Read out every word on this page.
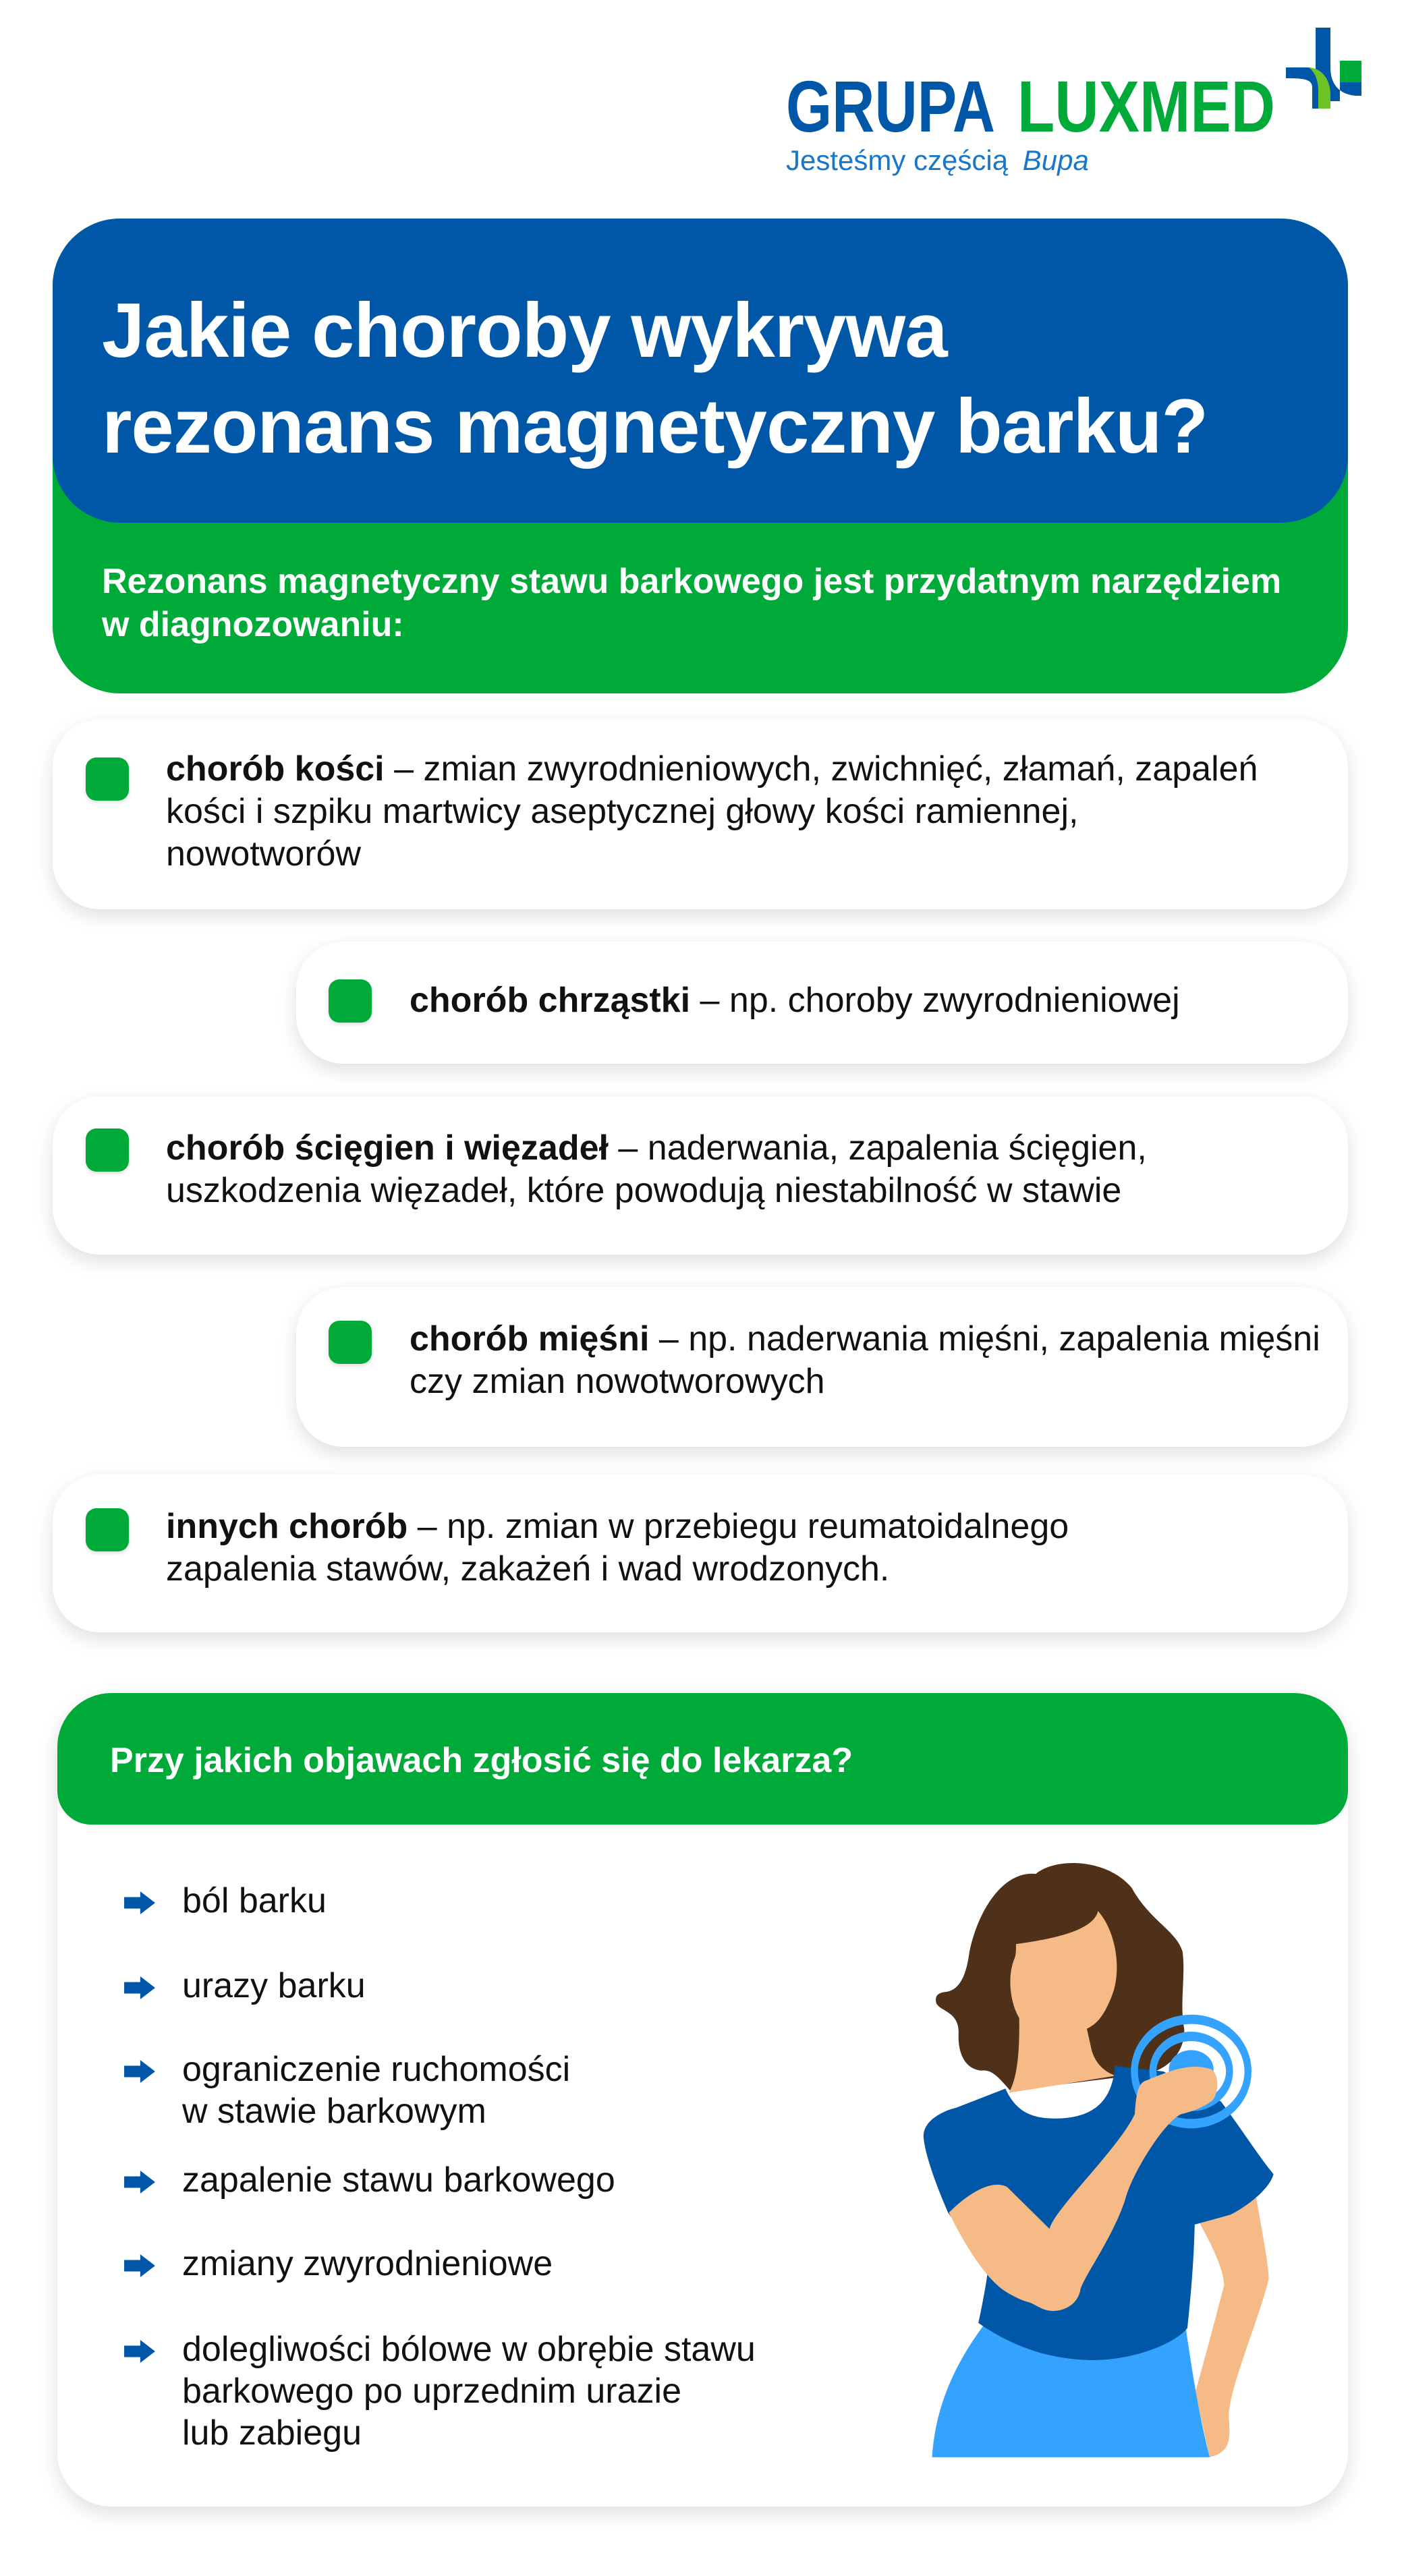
GRUPA LUXMED
Jesteśmy częścią Bupa
Jakie choroby wykrywa
rezonans magnetyczny barku?
Rezonans magnetyczny stawu barkowego jest przydatnym narzędziem w diagnozowaniu:
chorób kości – zmian zwyrodnieniowych, zwichnięć, złamań, zapaleń kości i szpiku martwicy aseptycznej głowy kości ramiennej, nowotworów
chorób chrząstki – np. choroby zwyrodnieniowej
chorób ścięgien i więzadeł – naderwania, zapalenia ścięgien, uszkodzenia więzadeł, które powodują niestabilność w stawie
chorób mięśni – np. naderwania mięśni, zapalenia mięśni czy zmian nowotworowych
innych chorób – np. zmian w przebiegu reumatoidalnego zapalenia stawów, zakażeń i wad wrodzonych.
Przy jakich objawach zgłosić się do lekarza?
ból barku
urazy barku
ograniczenie ruchomości
w stawie barkowym
zapalenie stawu barkowego
zmiany zwyrodnieniowe
dolegliwości bólowe w obrębie stawu
barkowego po uprzednim urazie
lub zabiegu
